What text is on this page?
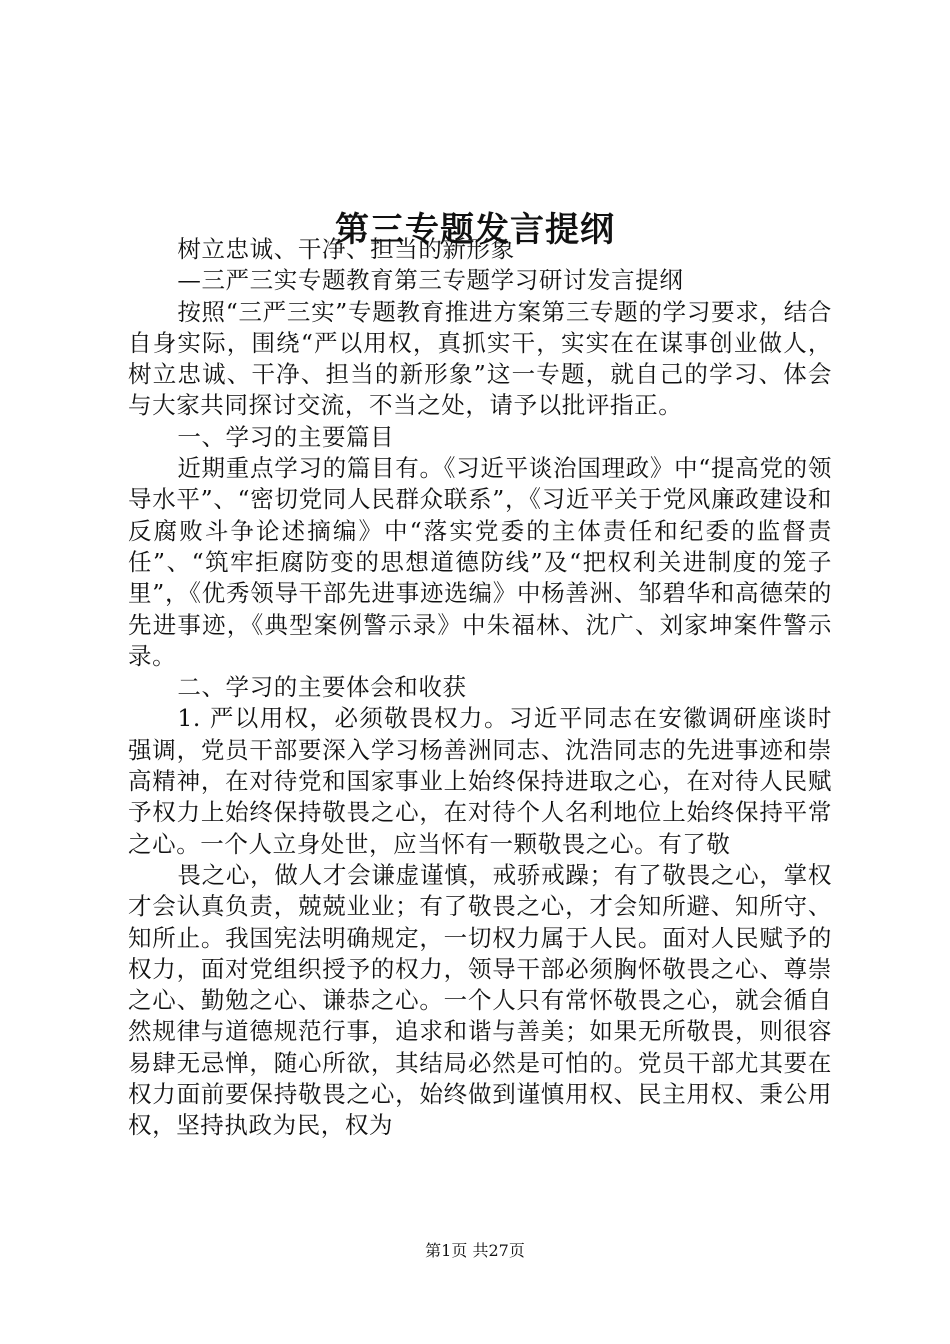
第三专题发言提纲

树立忠诚、干净、担当的新形象

—三严三实专题教育第三专题学习研讨发言提纲

按照“三严三实”专题教育推进方案第三专题的学习要求，结合自身实际，围绕“严以用权，真抓实干，实实在在谋事创业做人，树立忠诚、干净、担当的新形象”这一专题，就自己的学习、体会与大家共同探讨交流，不当之处，请予以批评指正。

一、学习的主要篇目

近期重点学习的篇目有。《习近平谈治国理政》中“提高党的领导水平”、“密切党同人民群众联系”，《习近平关于党风廉政建设和反腐败斗争论述摘编》中“落实党委的主体责任和纪委的监督责任”、“筑牢拒腐防变的思想道德防线”及“把权利关进制度的笼子里”，《优秀领导干部先进事迹选编》中杨善洲、邹碧华和高德荣的先进事迹，《典型案例警示录》中朱福林、沈广、刘家坤案件警示录。

二、学习的主要体会和收获

1. 严以用权，必须敬畏权力。习近平同志在安徽调研座谈时强调，党员干部要深入学习杨善洲同志、沈浩同志的先进事迹和崇高精神，在对待党和国家事业上始终保持进取之心，在对待人民赋予权力上始终保持敬畏之心，在对待个人名利地位上始终保持平常之心。一个人立身处世，应当怀有一颗敬畏之心。有了敬

畏之心，做人才会谦虚谨慎，戒骄戒躁；有了敬畏之心，掌权才会认真负责，兢兢业业；有了敬畏之心，才会知所避、知所守、知所止。我国宪法明确规定，一切权力属于人民。面对人民赋予的权力，面对党组织授予的权力，领导干部必须胸怀敬畏之心、尊崇之心、勤勉之心、谦恭之心。一个人只有常怀敬畏之心，就会循自然规律与道德规范行事，追求和谐与善美；如果无所敬畏，则很容易肆无忌惮，随心所欲，其结局必然是可怕的。党员干部尤其要在权力面前要保持敬畏之心，始终做到谨慎用权、民主用权、秉公用权，坚持执政为民，权为

第1页 共27页
